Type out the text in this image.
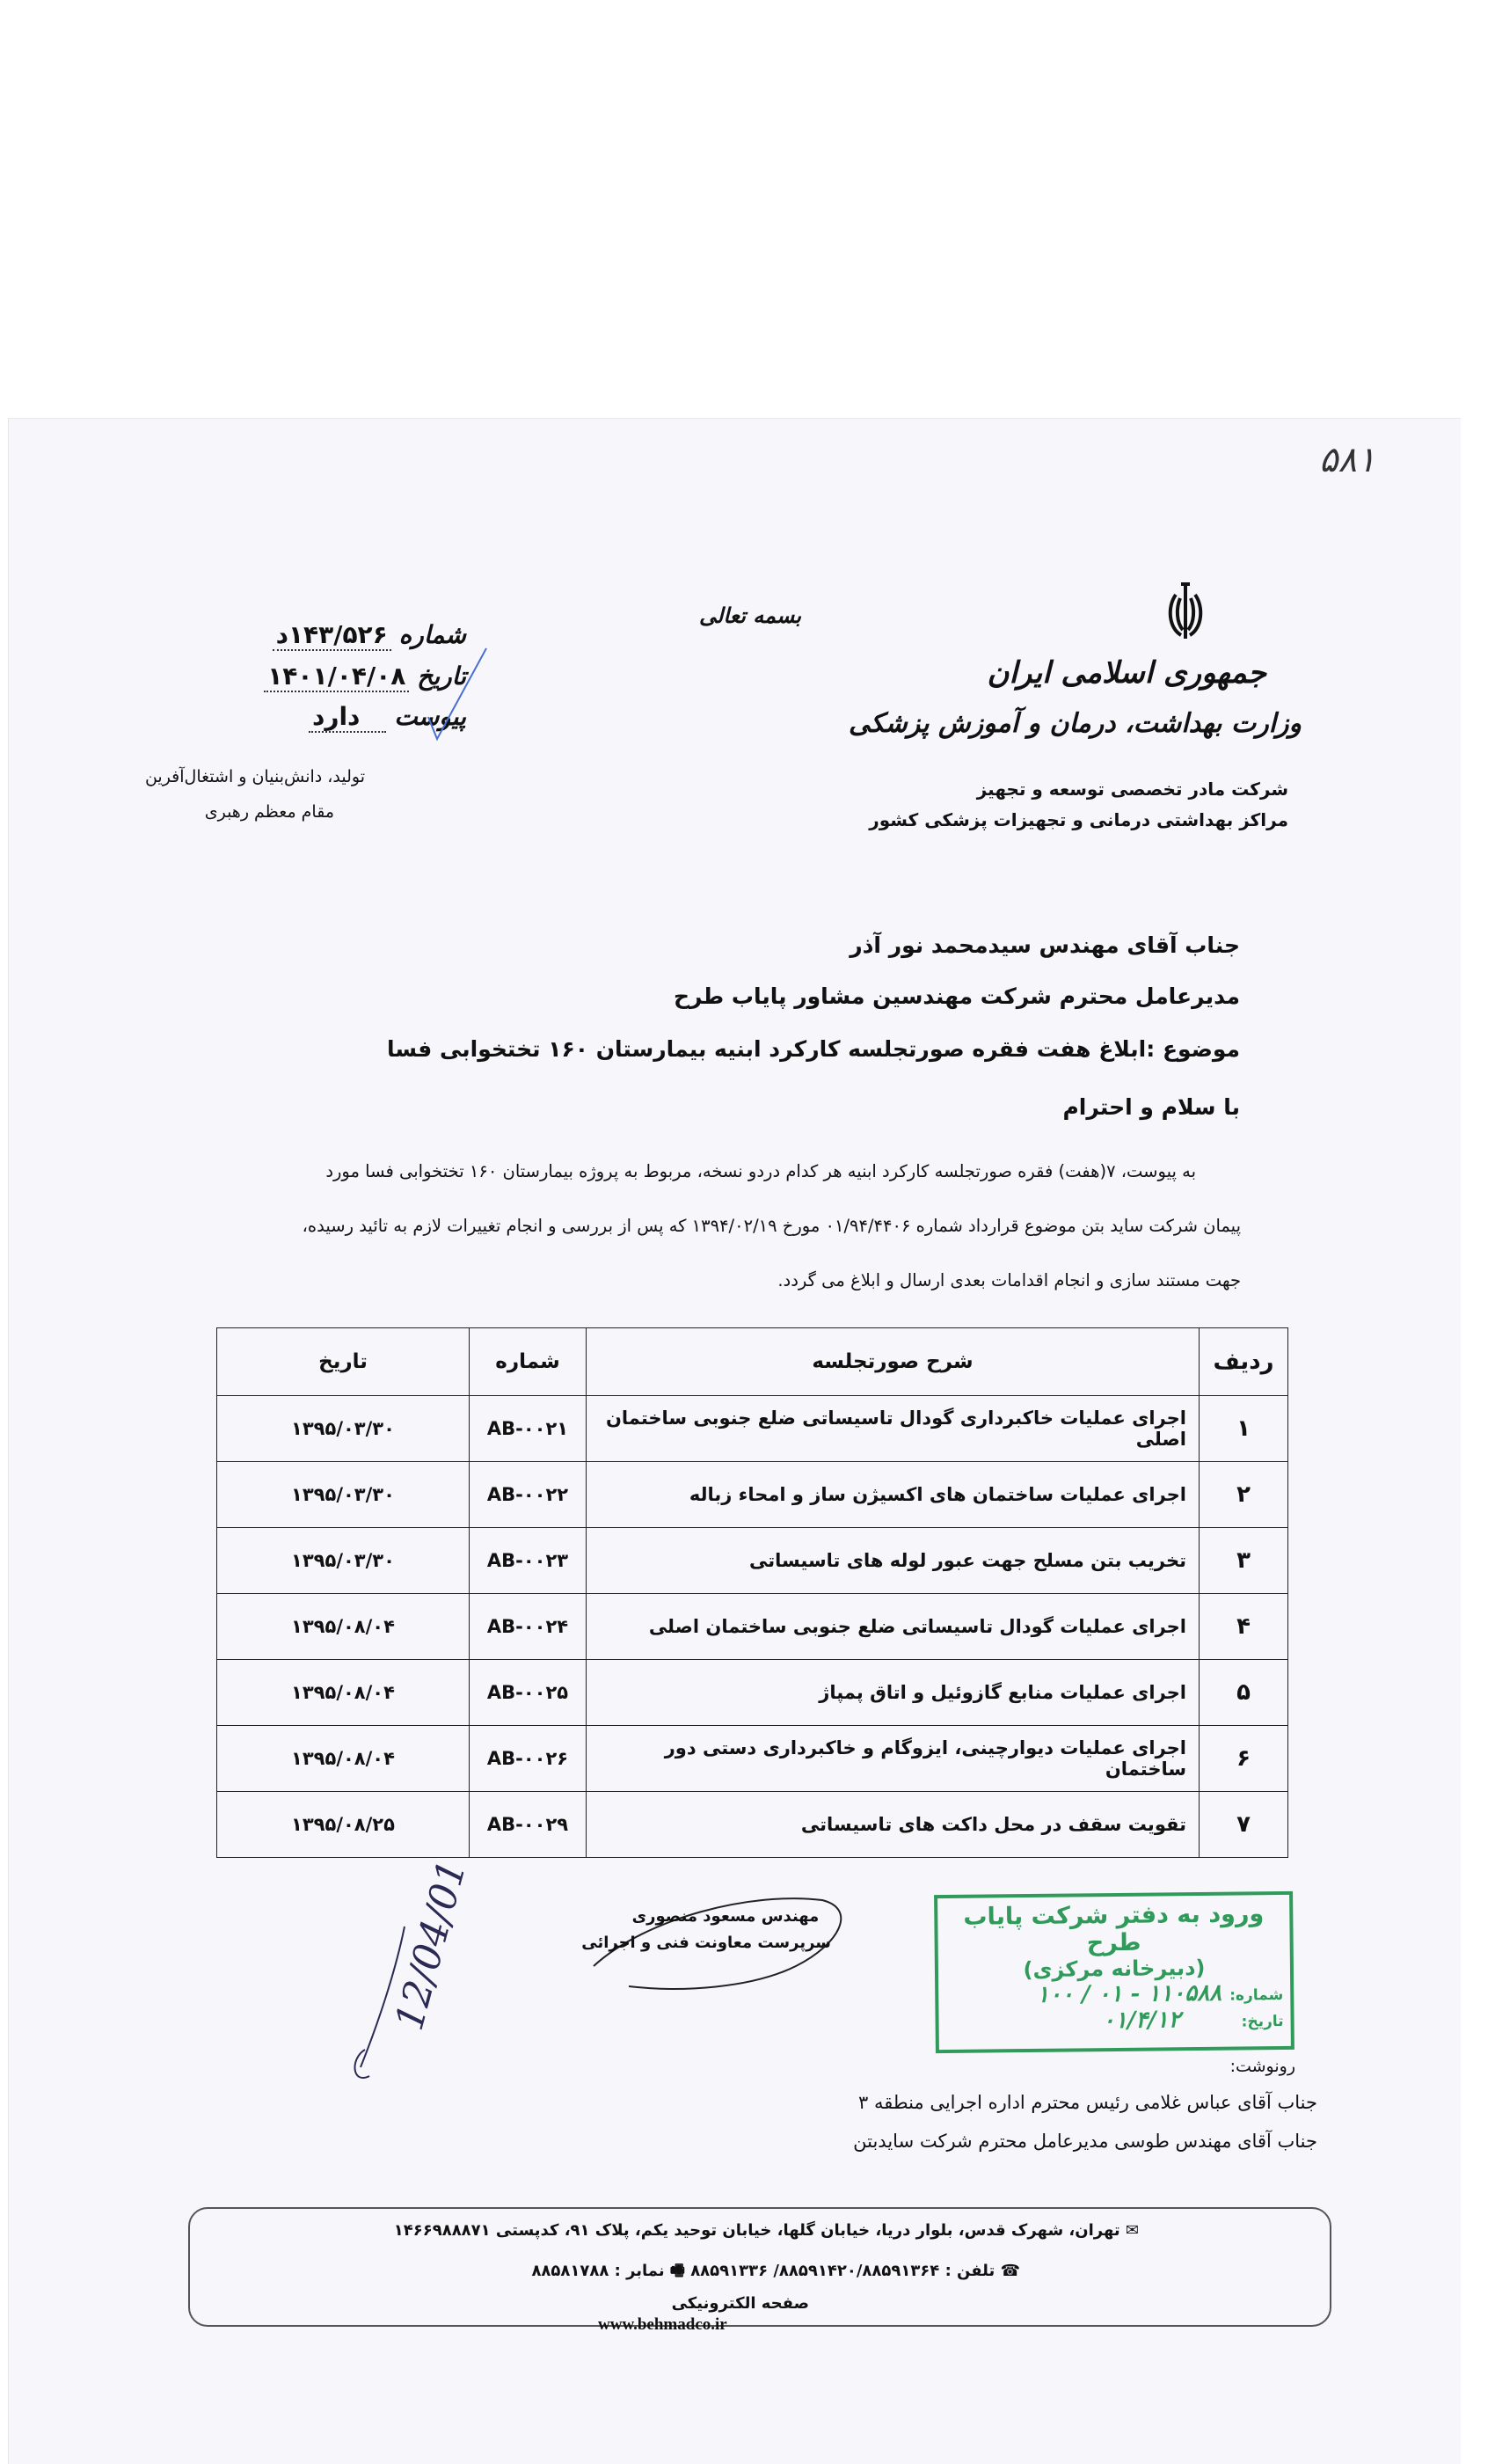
۵۸۱
جمهوری اسلامی ایران
وزارت بهداشت، درمان و آموزش پزشکی
شرکت مادر تخصصی توسعه و تجهیز
مراکز بهداشتی درمانی و تجهیزات پزشکی کشور
بسمه تعالی
شماره ۱۴۳/۵۲۶د
تاریخ ۱۴۰۱/۰۴/۰۸
پیوست دارد
تولید، دانش‌بنیان و اشتغال‌آفرین
مقام معظم رهبری
جناب آقای مهندس سیدمحمد نور آذر
مدیرعامل محترم شرکت مهندسین مشاور پایاب طرح
موضوع :ابلاغ هفت فقره صورتجلسه کارکرد ابنیه بیمارستان ۱۶۰ تختخوابی فسا
با سلام و احترام
به پیوست، ۷(هفت) فقره صورتجلسه کارکرد ابنیه هر کدام دردو نسخه، مربوط به پروژه بیمارستان ۱۶۰ تختخوابی فسا مورد
پیمان شرکت ساید بتن موضوع قرارداد شماره ۰۱/۹۴/۴۴۰۶ مورخ ۱۳۹۴/۰۲/۱۹ که پس از بررسی و انجام تغییرات لازم به تائید رسیده،
جهت مستند سازی و انجام اقدامات بعدی ارسال و ابلاغ می گردد.
ردیف	شرح صورتجلسه	شماره	تاریخ
۱	اجرای عملیات خاکبرداری گودال تاسیساتی ضلع جنوبی ساختمان اصلی	AB-۰۰۲۱	۱۳۹۵/۰۳/۳۰
۲	اجرای عملیات ساختمان های اکسیژن ساز و امحاء زباله	AB-۰۰۲۲	۱۳۹۵/۰۳/۳۰
۳	تخریب بتن مسلح جهت عبور لوله های تاسیساتی	AB-۰۰۲۳	۱۳۹۵/۰۳/۳۰
۴	اجرای عملیات گودال تاسیساتی ضلع جنوبی ساختمان اصلی	AB-۰۰۲۴	۱۳۹۵/۰۸/۰۴
۵	اجرای عملیات منابع گازوئیل و اتاق پمپاژ	AB-۰۰۲۵	۱۳۹۵/۰۸/۰۴
۶	اجرای عملیات دیوارچینی، ایزوگام و خاکبرداری دستی دور ساختمان	AB-۰۰۲۶	۱۳۹۵/۰۸/۰۴
۷	تقویت سقف در محل داکت های تاسیساتی	AB-۰۰۲۹	۱۳۹۵/۰۸/۲۵
مهندس مسعود منصوری
سرپرست معاونت فنی و اجرائی
12/04/01	ورود به دفتر شرکت پایاب طرح
(دبیرخانه مرکزی)
شماره: ۱۱۰۵۸۸ - ۰۱ / ۱۰۰
تاریخ: ۰۱/۴/۱۲
رونوشت:
جناب آقای عباس غلامی رئیس محترم اداره اجرایی منطقه ۳
جناب آقای مهندس طوسی مدیرعامل محترم شرکت سایدبتن
✉ تهران، شهرک قدس، بلوار دریا، خیابان گلها، خیابان توحید یکم، پلاک ۹۱، کدپستی ۱۴۶۶۹۸۸۸۷۱
☎ تلفن : ۸۸۵۹۱۴۲۰/۸۸۵۹۱۳۶۴/ ۸۸۵۹۱۳۳۶ 🖷 نمابر : ۸۸۵۸۱۷۸۸
صفحه الکترونیکی
www.behmadco.ir
